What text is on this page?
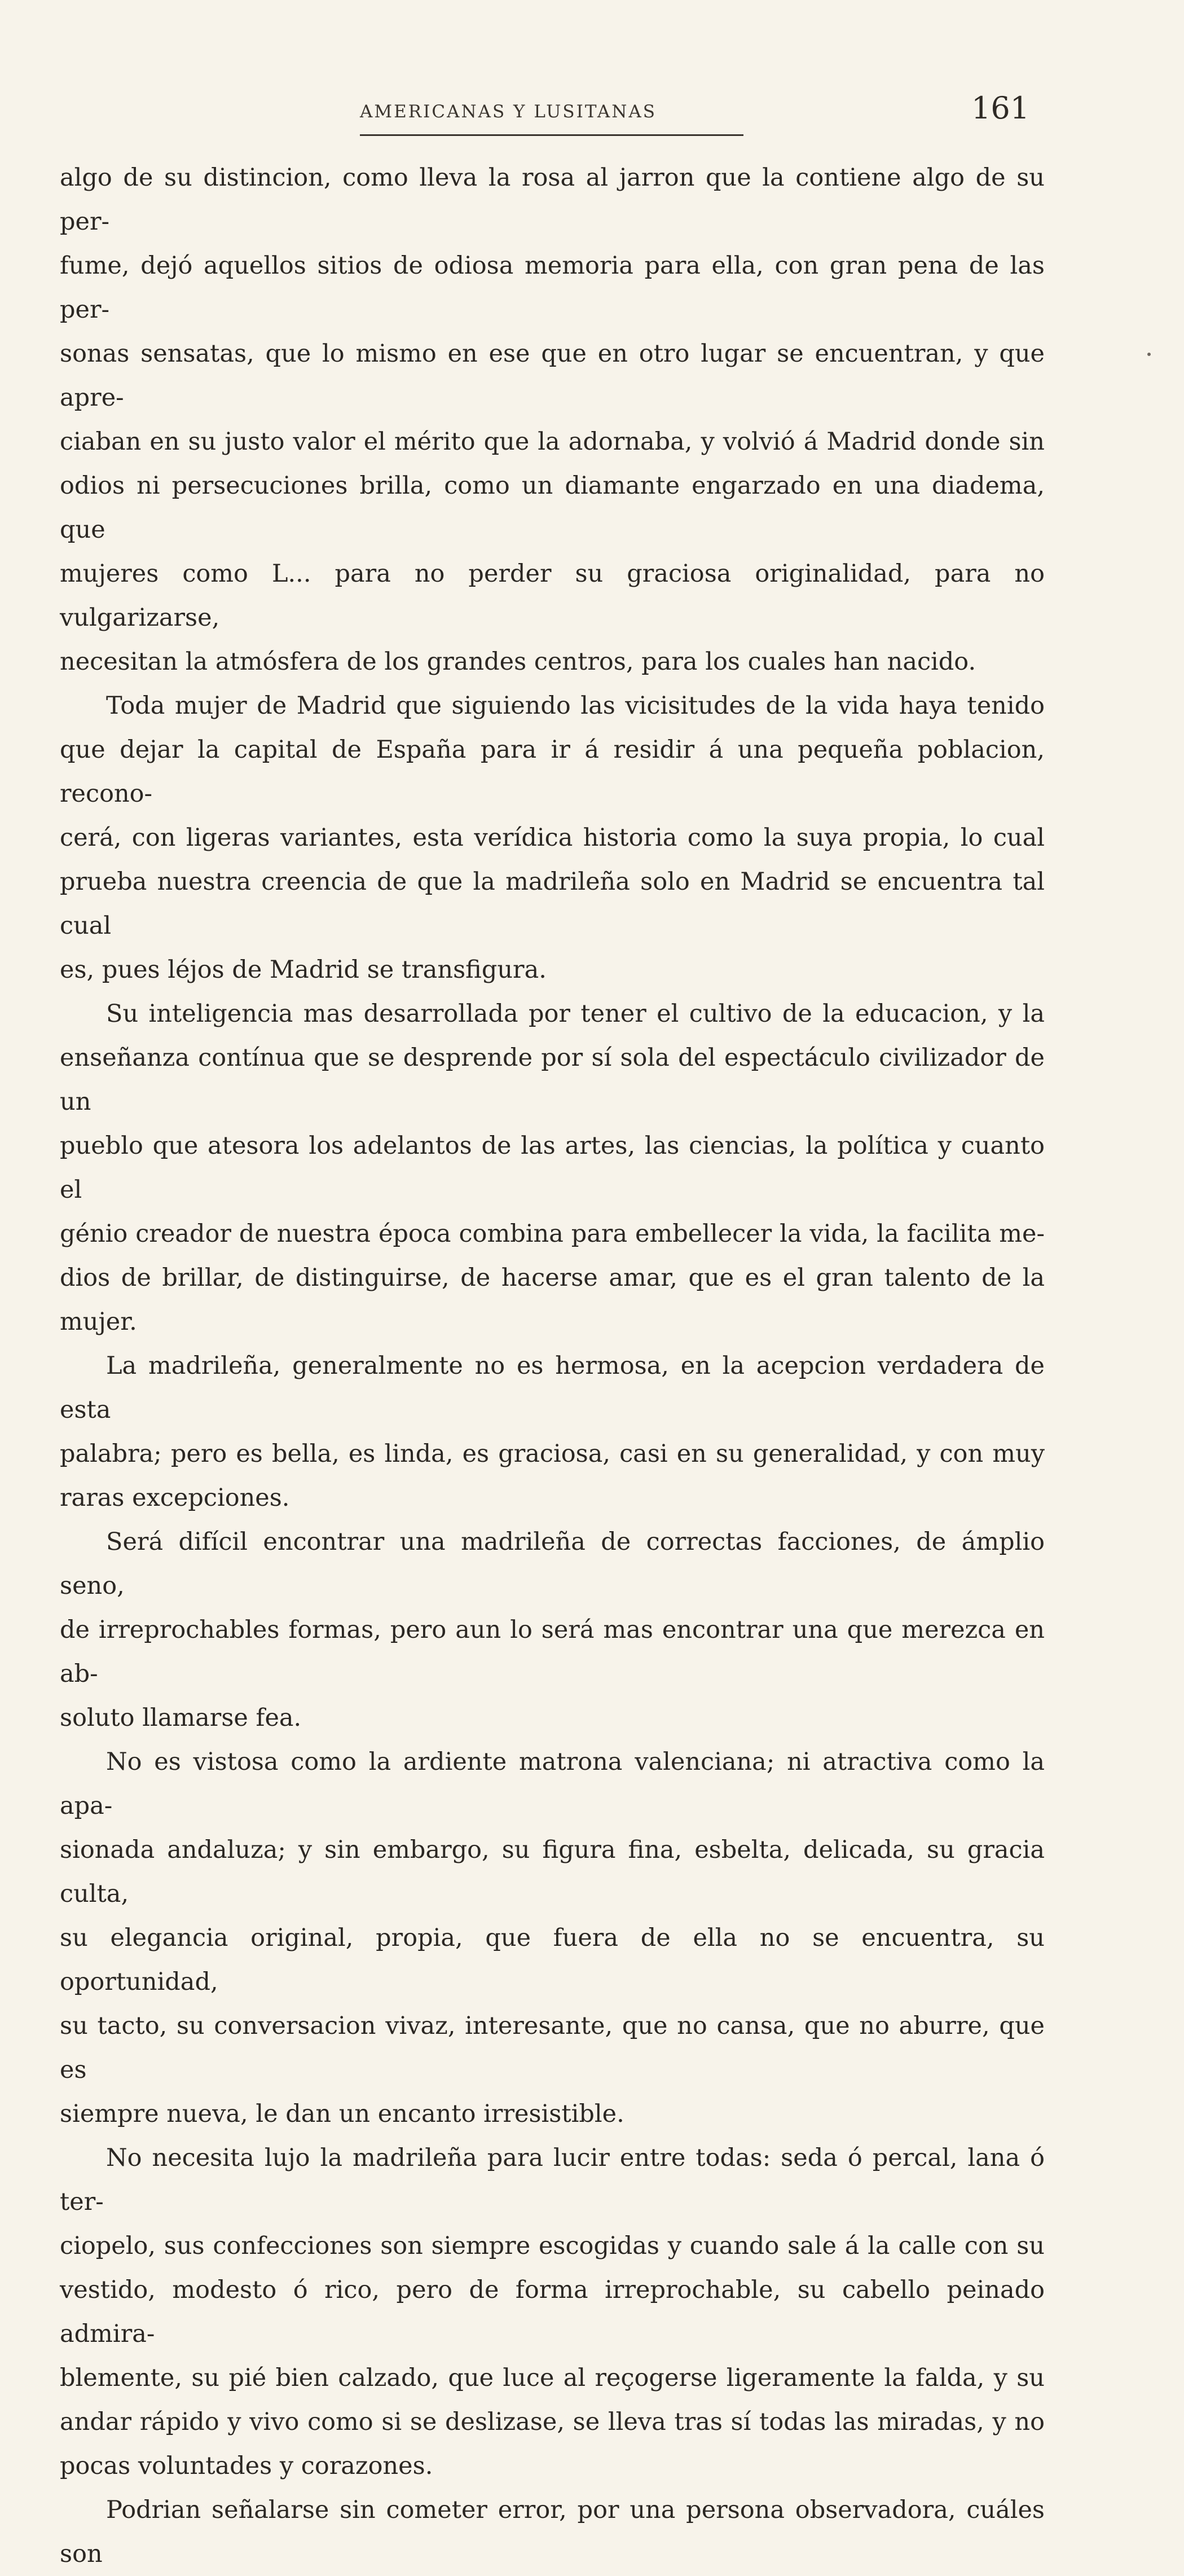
AMERICANAS Y LUSITANAS	161

algo de su distincion, como lleva la rosa al jarron que la contiene algo de su per-
fume, dejó aquellos sitios de odiosa memoria para ella, con gran pena de las per-
sonas sensatas, que lo mismo en ese que en otro lugar se encuentran, y que apre-
ciaban en su justo valor el mérito que la adornaba, y volvió á Madrid donde sin
odios ni persecuciones brilla, como un diamante engarzado en una diadema, que
mujeres como L... para no perder su graciosa originalidad, para no vulgarizarse,
necesitan la atmósfera de los grandes centros, para los cuales han nacido.

Toda mujer de Madrid que siguiendo las vicisitudes de la vida haya tenido
que dejar la capital de España para ir á residir á una pequeña poblacion, recono-
cerá, con ligeras variantes, esta verídica historia como la suya propia, lo cual
prueba nuestra creencia de que la madrileña solo en Madrid se encuentra tal cual
es, pues léjos de Madrid se transfigura.

Su inteligencia mas desarrollada por tener el cultivo de la educacion, y la
enseñanza contínua que se desprende por sí sola del espectáculo civilizador de un
pueblo que atesora los adelantos de las artes, las ciencias, la política y cuanto el
génio creador de nuestra época combina para embellecer la vida, la facilita me-
dios de brillar, de distinguirse, de hacerse amar, que es el gran talento de la mujer.

La madrileña, generalmente no es hermosa, en la acepcion verdadera de esta
palabra; pero es bella, es linda, es graciosa, casi en su generalidad, y con muy
raras excepciones.

Será difícil encontrar una madrileña de correctas facciones, de ámplio seno,
de irreprochables formas, pero aun lo será mas encontrar una que merezca en ab-
soluto llamarse fea.

No es vistosa como la ardiente matrona valenciana; ni atractiva como la apa-
sionada andaluza; y sin embargo, su figura fina, esbelta, delicada, su gracia culta,
su elegancia original, propia, que fuera de ella no se encuentra, su oportunidad,
su tacto, su conversacion vivaz, interesante, que no cansa, que no aburre, que es
siempre nueva, le dan un encanto irresistible.

No necesita lujo la madrileña para lucir entre todas: seda ó percal, lana ó ter-
ciopelo, sus confecciones son siempre escogidas y cuando sale á la calle con su
vestido, modesto ó rico, pero de forma irreprochable, su cabello peinado admira-
blemente, su pié bien calzado, que luce al reçogerse ligeramente la falda, y su
andar rápido y vivo como si se deslizase, se lleva tras sí todas las miradas, y no
pocas voluntades y corazones.

Podrian señalarse sin cometer error, por una persona observadora, cuáles son
